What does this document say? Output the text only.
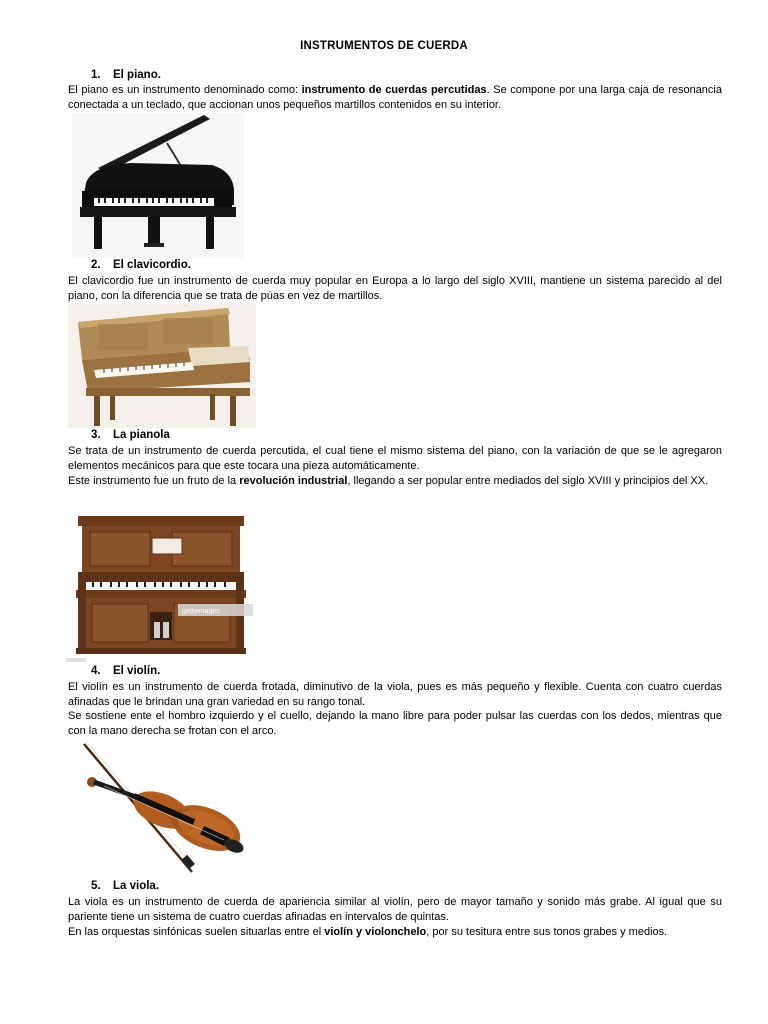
INSTRUMENTOS DE CUERDA
1. El piano.
El piano es un instrumento denominado como: instrumento de cuerdas percutidas. Se compone por una larga caja de resonancia conectada a un teclado, que accionan unos pequeños martillos contenidos en su interior.
2. El clavicordio.
El clavicordio fue un instrumento de cuerda muy popular en Europa a lo largo del siglo XVIII, mantiene un sistema parecido al del piano, con la diferencia que se trata de púas en vez de martillos.
3. La pianola
Se trata de un instrumento de cuerda percutida, el cual tiene el mismo sistema del piano, con la variación de que se le agregaron elementos mecánicos para que este tocara una pieza automáticamente.
Este instrumento fue un fruto de la revolución industrial, llegando a ser popular entre mediados del siglo XVIII y principios del XX.
gettyimages
4. El violín.
El violín es un instrumento de cuerda frotada, diminutivo de la viola, pues es más pequeño y flexible. Cuenta con cuatro cuerdas afinadas que le brindan una gran variedad en su rango tonal.
Se sostiene ente el hombro izquierdo y el cuello, dejando la mano libre para poder pulsar las cuerdas con los dedos, mientras que con la mano derecha se frotan con el arco.
5. La viola.
La viola es un instrumento de cuerda de apariencia similar al violín, pero de mayor tamaño y sonido más grabe. Al igual que su pariente tiene un sistema de cuatro cuerdas afinadas en intervalos de quintas.
En las orquestas sinfónicas suelen situarlas entre el violín y violonchelo, por su tesitura entre sus tonos grabes y medios.
